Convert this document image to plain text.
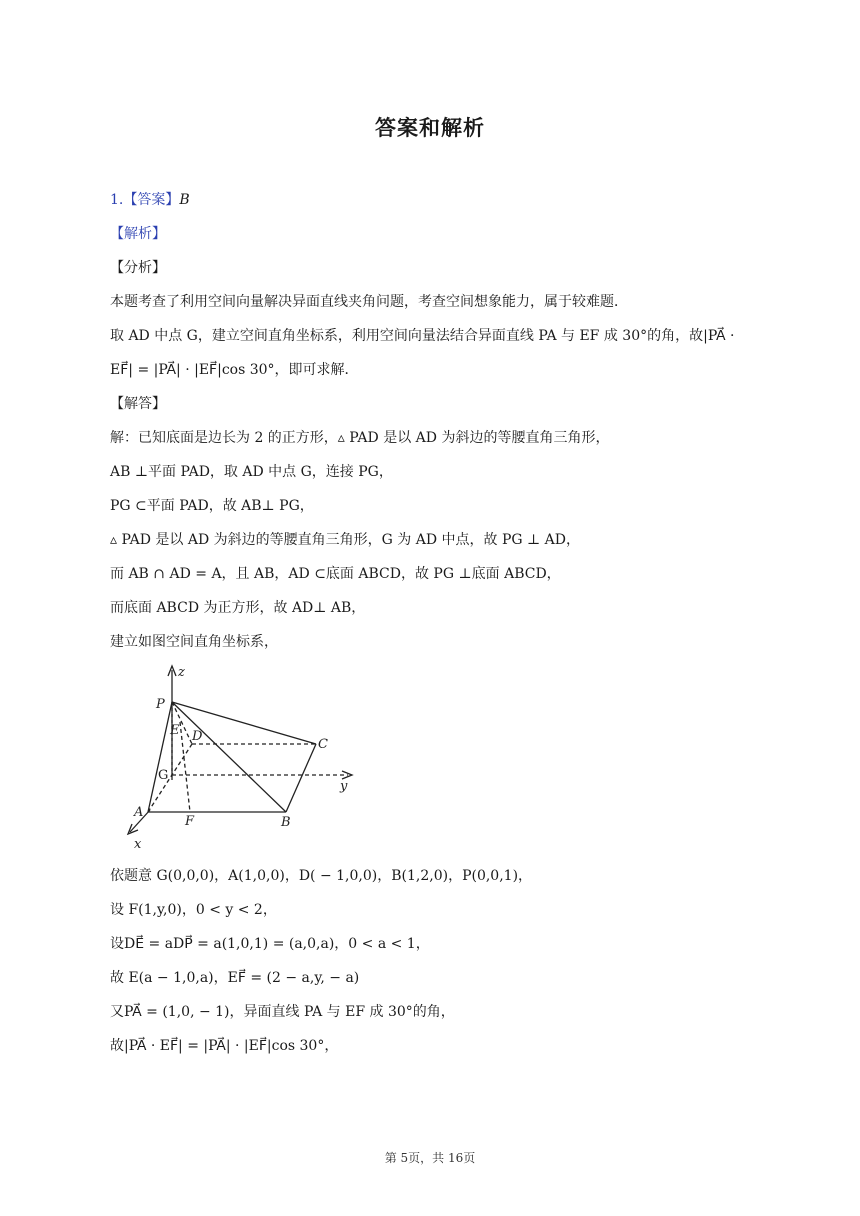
答案和解析
1.【答案】B
【解析】
【分析】
本题考查了利用空间向量解决异面直线夹角问题，考查空间想象能力，属于较难题．
取 AD 中点 G，建立空间直角坐标系，利用空间向量法结合异面直线 PA 与 EF 成 30°的角，故|PA⃗ ·
EF⃗| = |PA⃗| · |EF⃗|cos 30°，即可求解．
【解答】
解：已知底面是边长为 2 的正方形，▵ PAD 是以 AD 为斜边的等腰直角三角形，
AB ⊥平面 PAD，取 AD 中点 G，连接 PG，
PG ⊂平面 PAD，故 AB⊥ PG，
▵ PAD 是以 AD 为斜边的等腰直角三角形，G 为 AD 中点，故 PG ⊥ AD，
而 AB ∩ AD = A，且 AB，AD ⊂底面 ABCD，故 PG ⊥底面 ABCD，
而底面 ABCD 为正方形，故 AD⊥ AB，
建立如图空间直角坐标系，
z
P
E D
C
G
y
A
F	B
x
依题意 G(0,0,0)，A(1,0,0)，D( − 1,0,0)，B(1,2,0)，P(0,0,1)，
设 F(1,y,0)，0 < y < 2，
设DE⃗ = aDP⃗ = a(1,0,1) = (a,0,a)，0 < a < 1，
故 E(a − 1,0,a)，EF⃗ = (2 − a,y, − a)
又PA⃗ = (1,0, − 1)，异面直线 PA 与 EF 成 30°的角，
故|PA⃗ · EF⃗| = |PA⃗| · |EF⃗|cos 30°，
第 5页，共 16页
